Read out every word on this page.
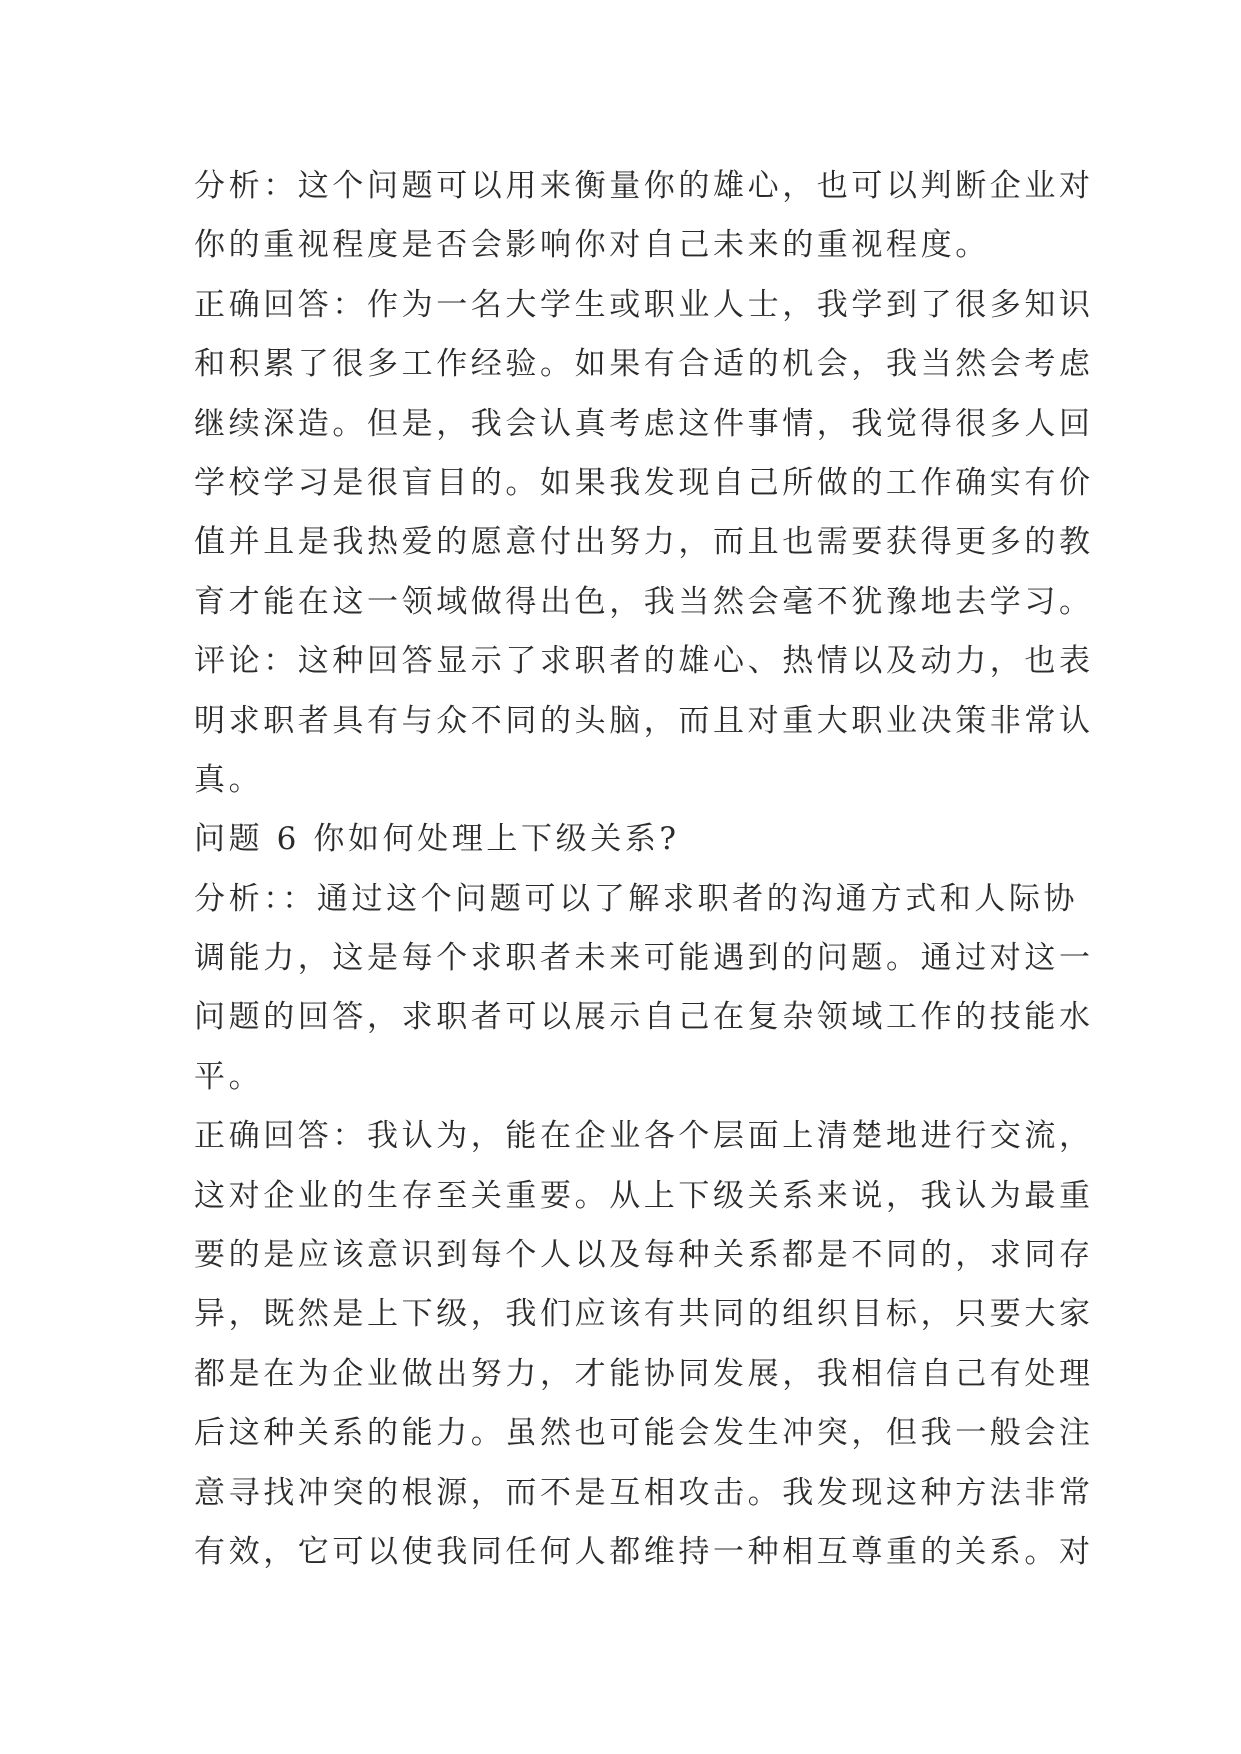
分析：这个问题可以用来衡量你的雄心，也可以判断企业对
你的重视程度是否会影响你对自己未来的重视程度。
正确回答：作为一名大学生或职业人士，我学到了很多知识
和积累了很多工作经验。如果有合适的机会，我当然会考虑
继续深造。但是，我会认真考虑这件事情，我觉得很多人回
学校学习是很盲目的。如果我发现自己所做的工作确实有价
值并且是我热爱的愿意付出努力，而且也需要获得更多的教
育才能在这一领域做得出色，我当然会毫不犹豫地去学习。
评论：这种回答显示了求职者的雄心、热情以及动力，也表
明求职者具有与众不同的头脑，而且对重大职业决策非常认
真。
问题 6 你如何处理上下级关系?
分析：：通过这个问题可以了解求职者的沟通方式和人际协
调能力，这是每个求职者未来可能遇到的问题。通过对这一
问题的回答，求职者可以展示自己在复杂领域工作的技能水
平。
正确回答：我认为，能在企业各个层面上清楚地进行交流，
这对企业的生存至关重要。从上下级关系来说，我认为最重
要的是应该意识到每个人以及每种关系都是不同的，求同存
异，既然是上下级，我们应该有共同的组织目标，只要大家
都是在为企业做出努力，才能协同发展，我相信自己有处理
后这种关系的能力。虽然也可能会发生冲突，但我一般会注
意寻找冲突的根源，而不是互相攻击。我发现这种方法非常
有效，它可以使我同任何人都维持一种相互尊重的关系。对
